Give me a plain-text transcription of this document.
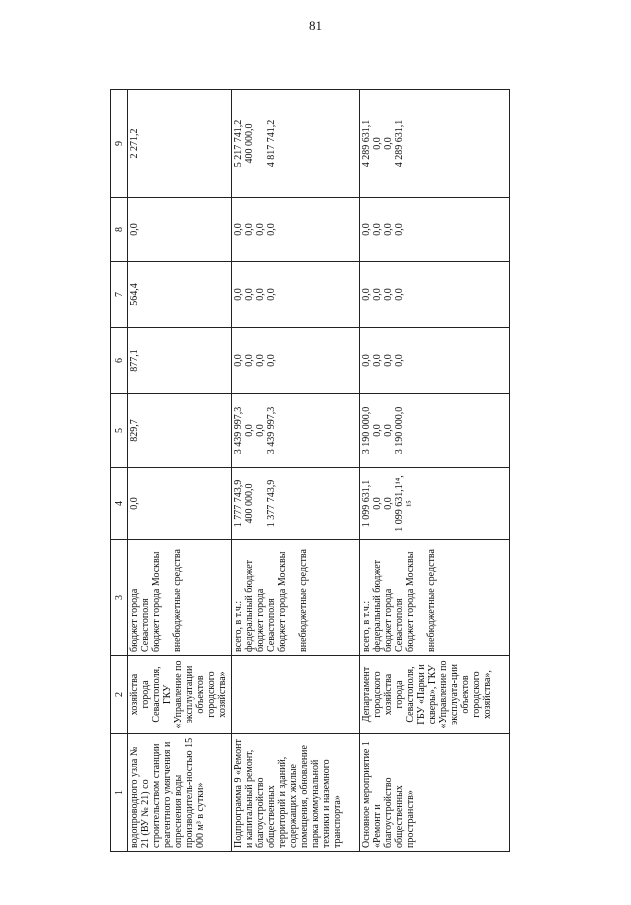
81
1	2	3	4	5	6	7	8	9
водопроводного узла № 21 (ВУ № 21) со строительством станции реагентного умягчения и опреснения воды производитель-ностью 15 000 м³ в сутки»	хозяйства города Севастополя, ГКУ «Управление по эксплуатации объектов городского хозяйства»	бюджет города Севастополя бюджет города Москвы внебюджетные средства	0,0	829,7	877,1	564,4	0,0	2 271,2
Подпрограмма 9 «Ремонт и капитальный ремонт, благоустройство общественных территорий и зданий, содержащих жилые помещения, обновление парка коммунальной техники и наземного транспорта»		всего, в т.ч.: федеральный бюджет бюджет города Севастополя бюджет города Москвы внебюджетные средства	1 777 743,9 400 000,0 1 377 743,9	3 439 997,3 0,0 0,0 3 439 997,3	0,0 0,0 0,0 0,0	0,0 0,0 0,0 0,0	0,0 0,0 0,0 0,0	5 217 741,2 400 000,0 4 817 741,2

Основное мероприятие 1 «Ремонт и благоустройство общественных пространств»	Департамент городского хозяйства города Севастополя, ГБУ «Парки и скверы», ГКУ «Управление по эксплуата-ции объектов городского хозяйства»,	всего, в т.ч.: федеральный бюджет бюджет города Севастополя бюджет города Москвы внебюджетные средства	1 099 631,1 0,0 0,0 1 099 631,1¹⁴, ¹⁵	3 190 000,0 0,0 0,0 3 190 000,0	0,0 0,0 0,0 0,0	0,0 0,0 0,0 0,0	0,0 0,0 0,0 0,0	4 289 631,1 0,0 0,0 4 289 631,1
